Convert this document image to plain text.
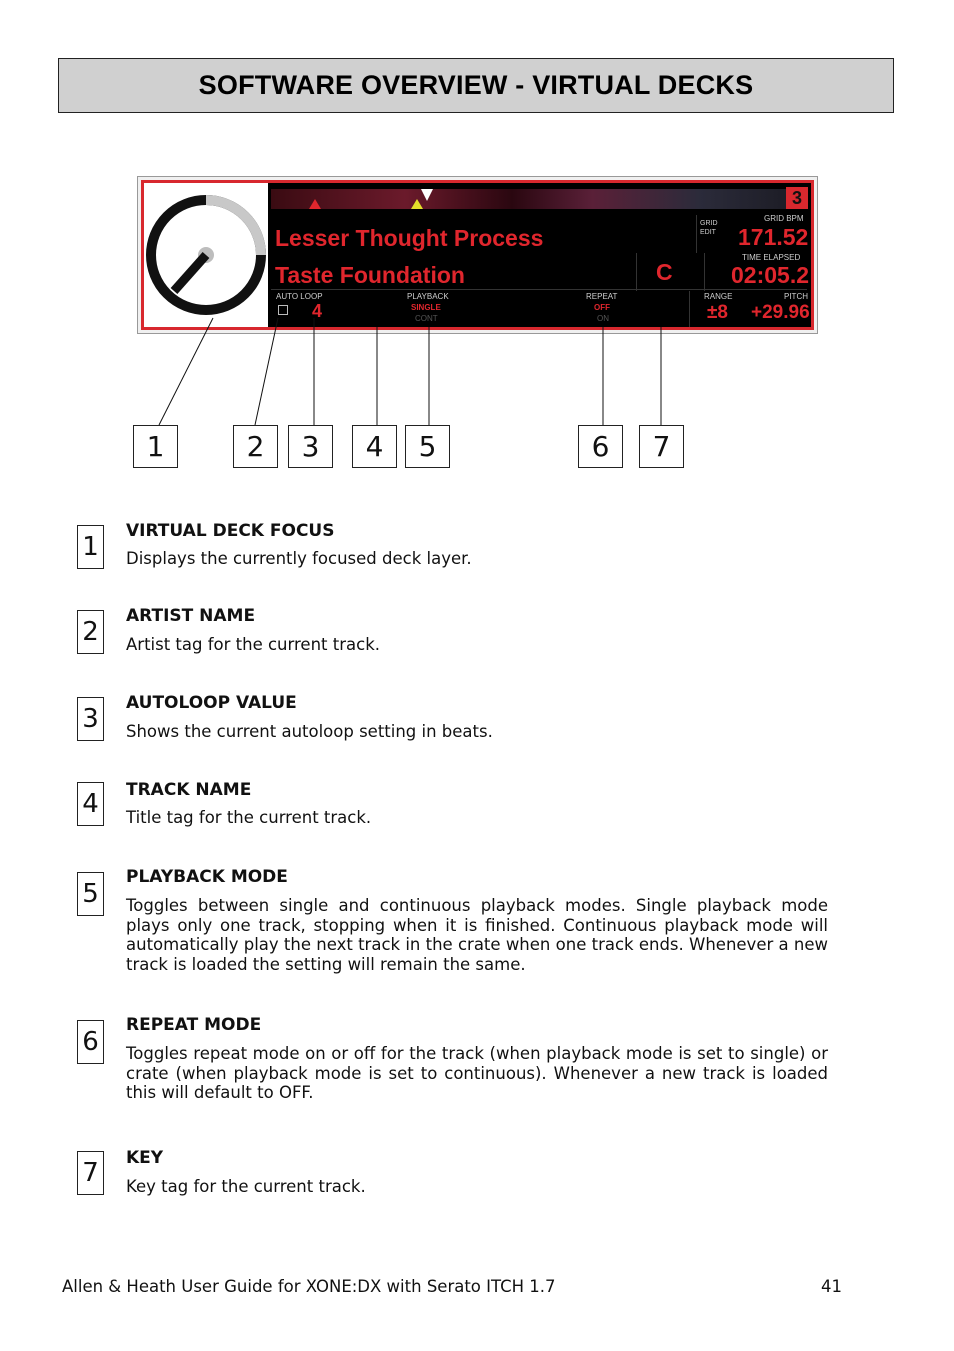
SOFTWARE OVERVIEW - VIRTUAL DECKS
3
Lesser Thought Process
Taste Foundation	C
GRID
EDIT
GRID BPM
171.52
TIME ELAPSED
02:05.2
AUTO LOOP
4
PLAYBACK
SINGLE
CONT
REPEAT
OFF
ON
RANGE
±8
PITCH
+29.96
1	2	3	4	5	6	7
1
VIRTUAL DECK FOCUS
Displays the currently focused deck layer.
2
ARTIST NAME
Artist tag for the current track.
3
AUTOLOOP VALUE
Shows the current autoloop setting in beats.
4	TRACK NAME
Title tag for the current track.
5
PLAYBACK MODE
Toggles between single and continuous playback modes. Single playback mode plays only one track, stopping when it is finished. Continuous playback mode will automatically play the next track in the crate when one track ends. Whenever a new track is loaded the setting will remain the same.
6
REPEAT MODE
Toggles repeat mode on or off for the track (when playback mode is set to single) or crate (when playback mode is set to continuous). Whenever a new track is loaded this will default to OFF.
7	KEY
Key tag for the current track.
Allen & Heath User Guide for XONE:DX with Serato ITCH 1.7	41
